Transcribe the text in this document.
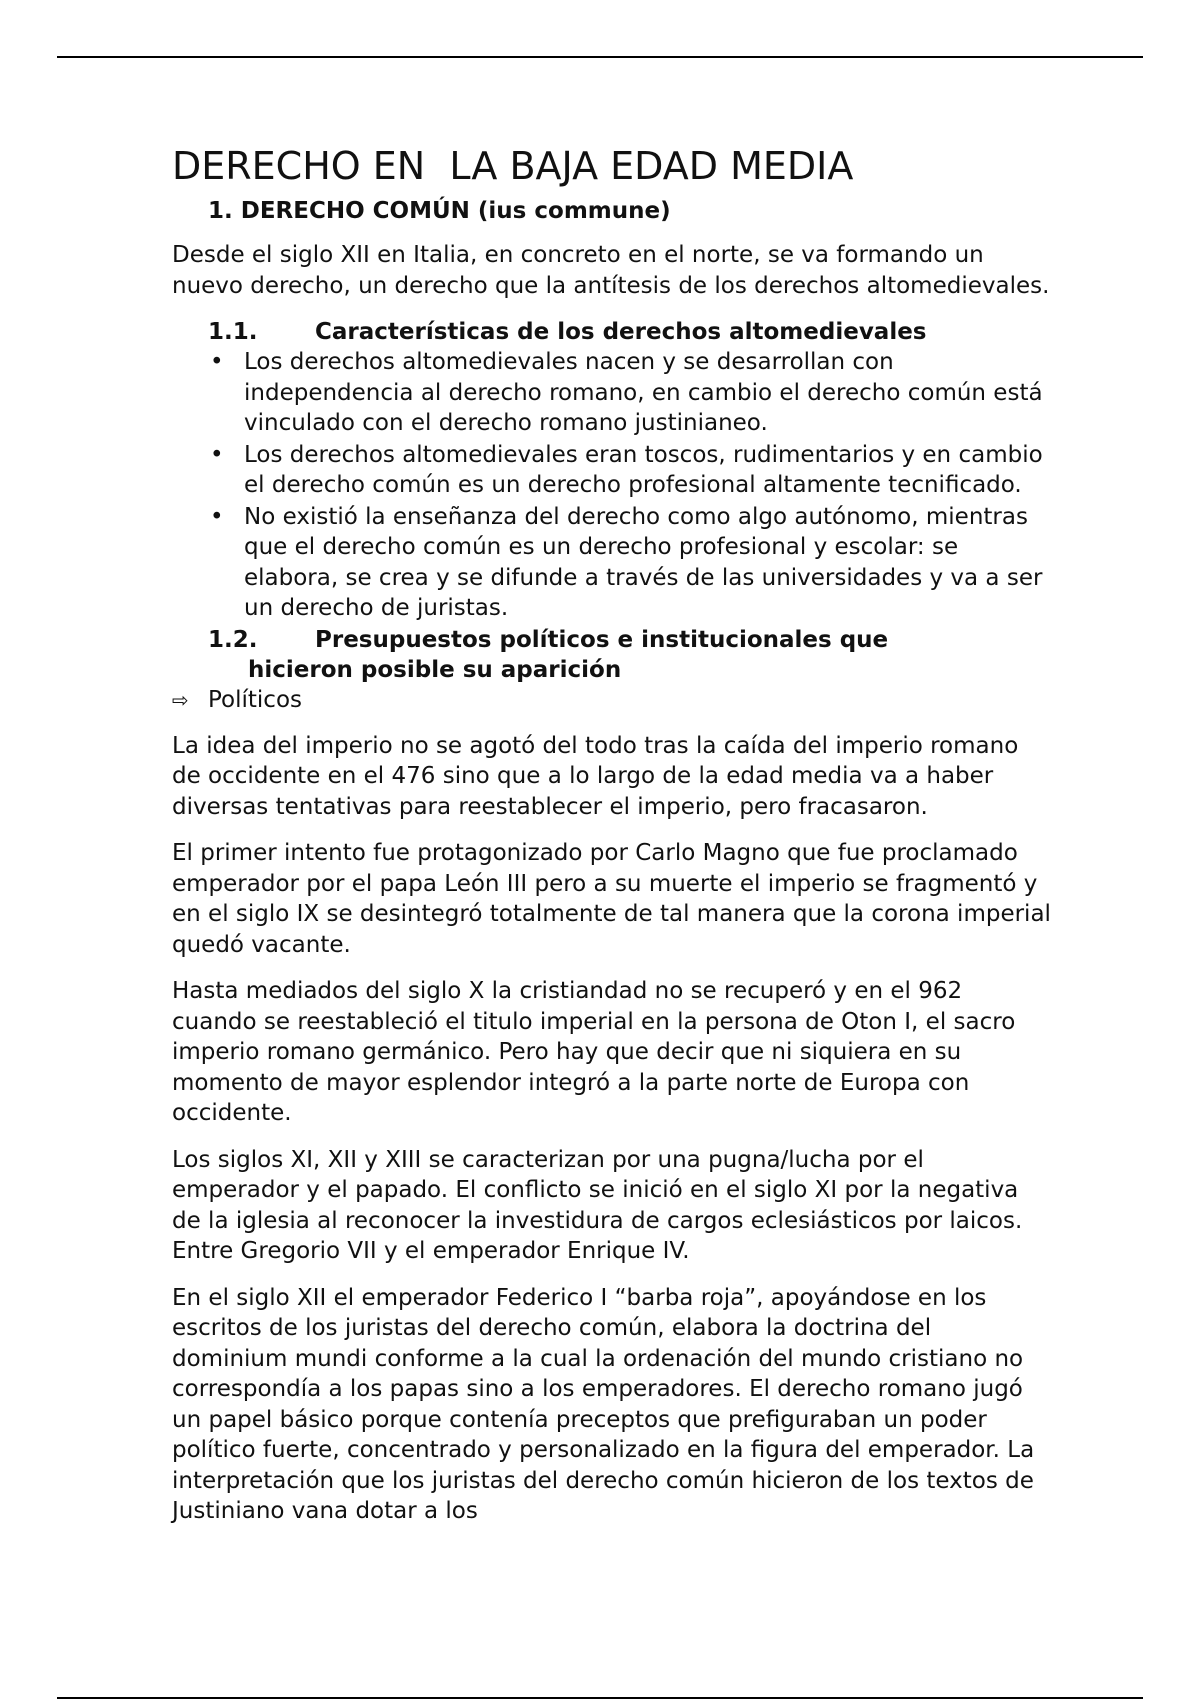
DERECHO EN  LA BAJA EDAD MEDIA
1. DERECHO COMÚN (ius commune)

Desde el siglo XII en Italia, en concreto en el norte, se va formando un nuevo derecho, un derecho que la antítesis de los derechos altomedievales.

1.1.	Características de los derechos altomedievales
• Los derechos altomedievales nacen y se desarrollan con independencia al derecho romano, en cambio el derecho común está vinculado con el derecho romano justinianeo.
• Los derechos altomedievales eran toscos, rudimentarios y en cambio el derecho común es un derecho profesional altamente tecnificado.
• No existió la enseñanza del derecho como algo autónomo, mientras que el derecho común es un derecho profesional y escolar: se elabora, se crea y se difunde a través de las universidades y va a ser un derecho de juristas.
1.2.	Presupuestos políticos e institucionales que
hicieron posible su aparición
⇨ Políticos

La idea del imperio no se agotó del todo tras la caída del imperio romano de occidente en el 476 sino que a lo largo de la edad media va a haber diversas tentativas para reestablecer el imperio, pero fracasaron.

El primer intento fue protagonizado por Carlo Magno que fue proclamado emperador por el papa León III pero a su muerte el imperio se fragmentó y en el siglo IX se desintegró totalmente de tal manera que la corona imperial quedó vacante.

Hasta mediados del siglo X la cristiandad no se recuperó y en el 962 cuando se reestableció el titulo imperial en la persona de Oton I, el sacro imperio romano germánico. Pero hay que decir que ni siquiera en su momento de mayor esplendor integró a la parte norte de Europa con occidente.

Los siglos XI, XII y XIII se caracterizan por una pugna/lucha por el emperador y el papado. El conflicto se inició en el siglo XI por la negativa de la iglesia al reconocer la investidura de cargos eclesiásticos por laicos. Entre Gregorio VII y el emperador Enrique IV.

En el siglo XII el emperador Federico I “barba roja”, apoyándose en los escritos de los juristas del derecho común, elabora la doctrina del dominium mundi conforme a la cual la ordenación del mundo cristiano no correspondía a los papas sino a los emperadores. El derecho romano jugó un papel básico porque contenía preceptos que prefiguraban un poder político fuerte, concentrado y personalizado en la figura del emperador. La interpretación que los juristas del derecho común hicieron de los textos de Justiniano vana dotar a los
